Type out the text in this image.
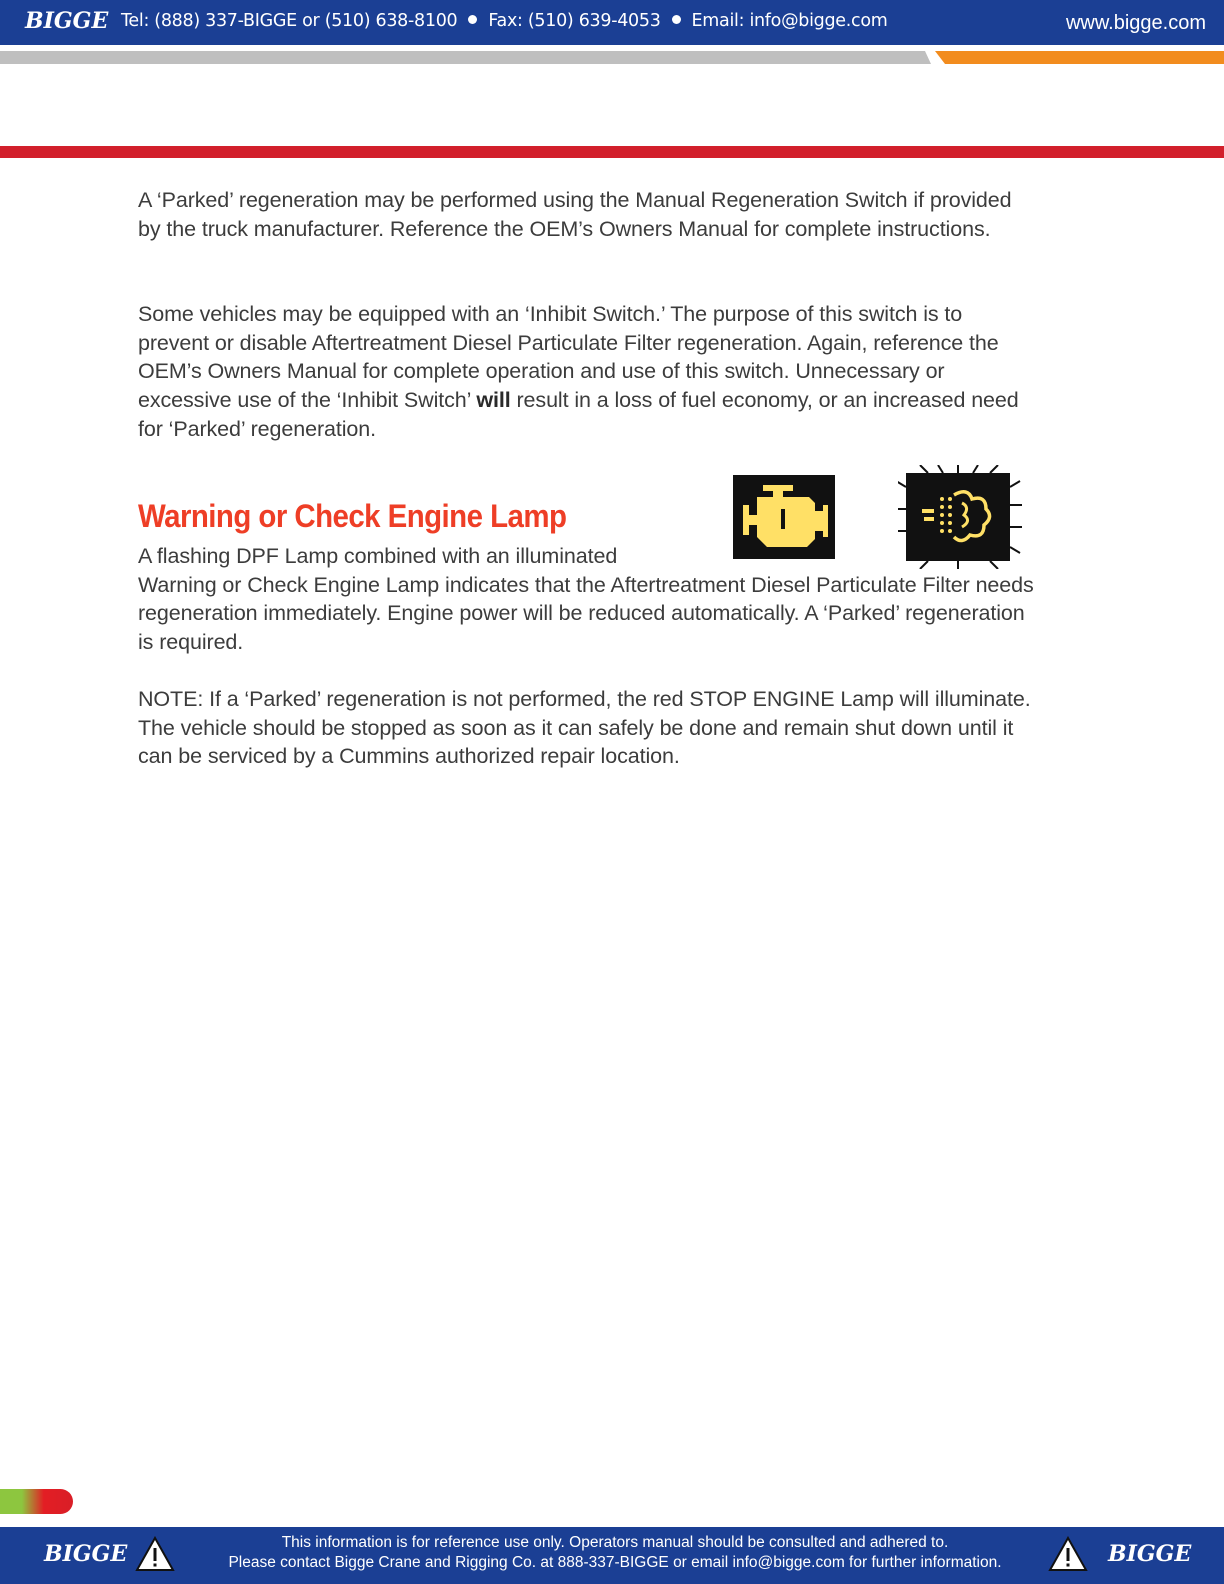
BIGGE Tel: (888) 337-BIGGE or (510) 638-8100 Fax: (510) 639-4053 Email: info@bigge.com	www.bigge.com

A ‘Parked’ regeneration may be performed using the Manual Regeneration Switch if provided by the truck manufacturer. Reference the OEM’s Owners Manual for complete instructions.

Some vehicles may be equipped with an ‘Inhibit Switch.’ The purpose of this switch is to prevent or disable Aftertreatment Diesel Particulate Filter regeneration. Again, reference the OEM’s Owners Manual for complete operation and use of this switch. Unnecessary or excessive use of the ‘Inhibit Switch’ will result in a loss of fuel economy, or an increased need for ‘Parked’ regeneration.

Warning or Check Engine Lamp

A flashing DPF Lamp combined with an illuminated
Warning or Check Engine Lamp indicates that the Aftertreatment Diesel Particulate Filter needs regeneration immediately. Engine power will be reduced automatically. A ‘Parked’ regeneration is required.

NOTE: If a ‘Parked’ regeneration is not performed, the red STOP ENGINE Lamp will illuminate. The vehicle should be stopped as soon as it can safely be done and remain shut down until it can be serviced by a Cummins authorized repair location.

BIGGE	This information is for reference use only. Operators manual should be consulted and adhered to.
Please contact Bigge Crane and Rigging Co. at 888-337-BIGGE or email info@bigge.com for further information.	BIGGE
